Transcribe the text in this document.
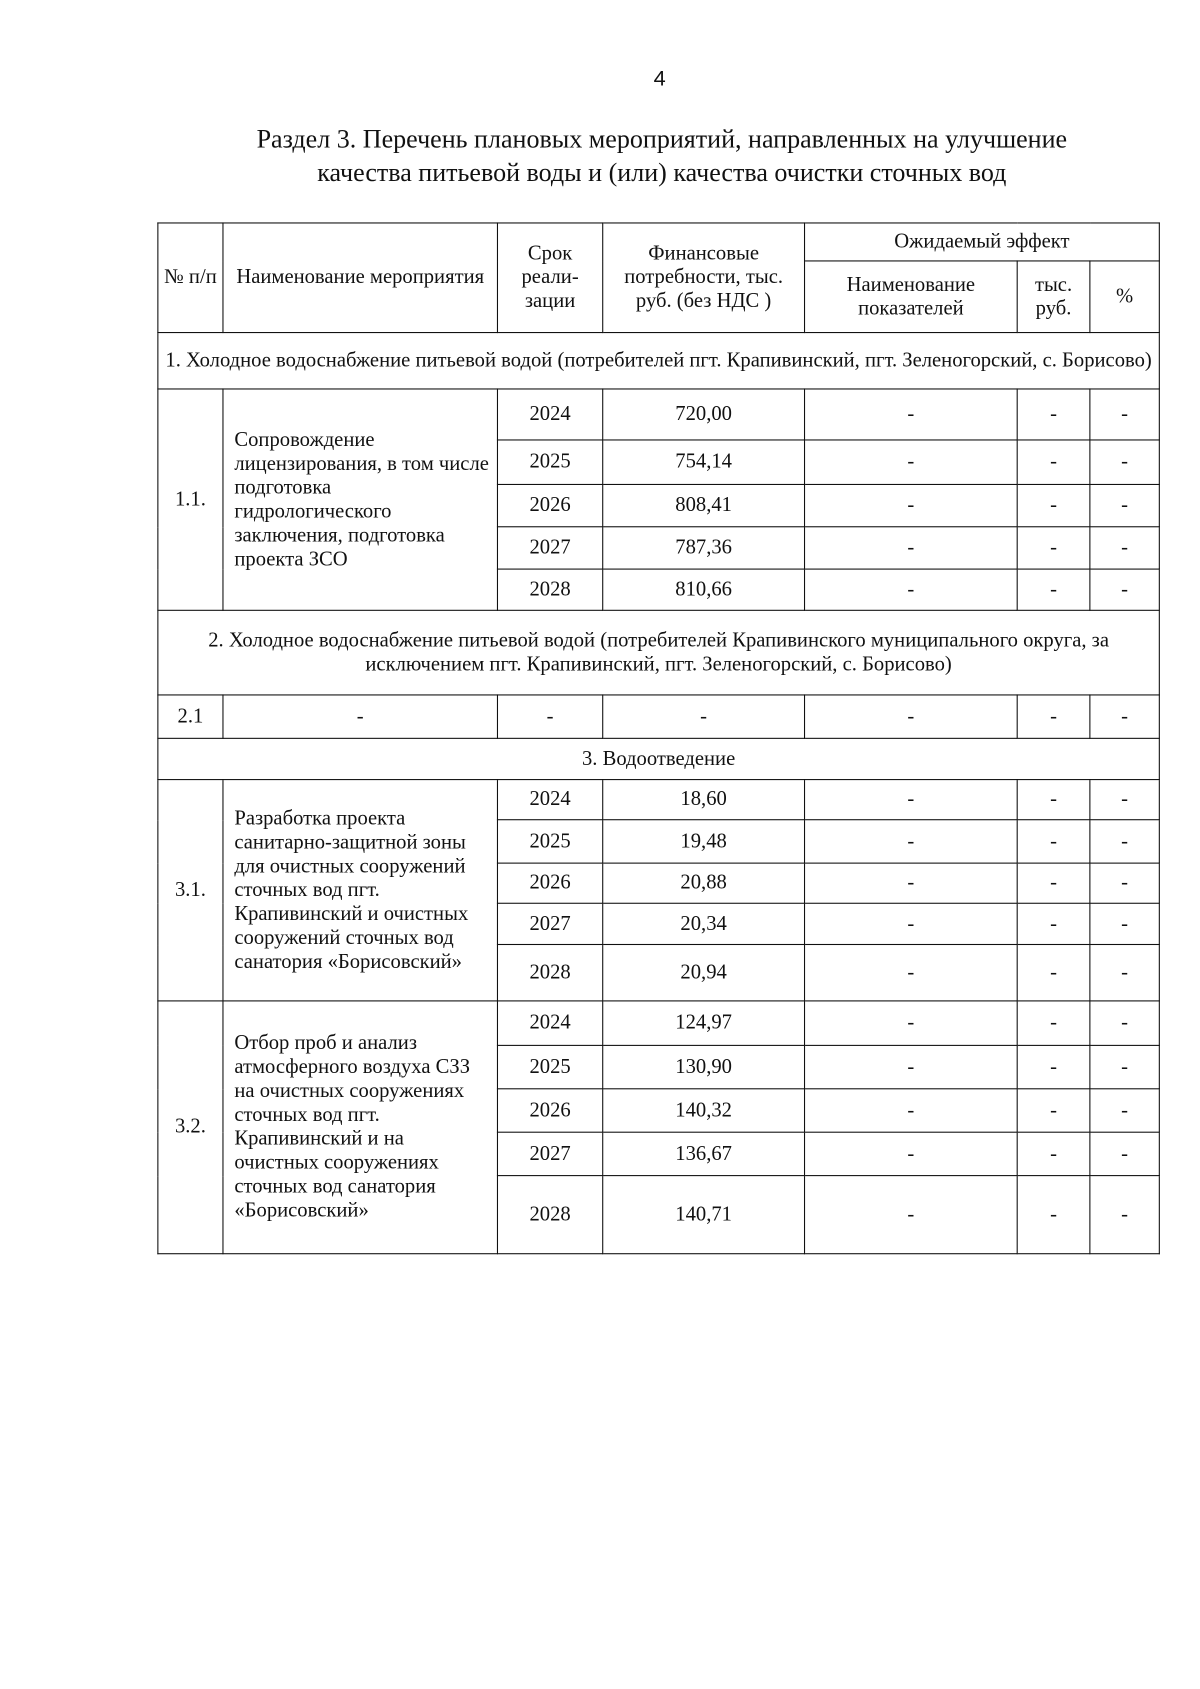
4
Раздел 3. Перечень плановых мероприятий, направленных на улучшение
качества питьевой воды и (или) качества очистки сточных вод
№ п/п	Наименование мероприятия	Срок реали-зации	Финансовые потребности, тыс. руб. (без НДС )	Ожидаемый эффект		
				Наименование показателей	тыс. руб.	%
1. Холодное водоснабжение питьевой водой (потребителей пгт. Крапивинский, пгт. Зеленогорский, с. Борисово)						
1.1.	Сопровождение лицензирования, в том числе подготовка гидрологического заключения, подготовка проекта ЗСО	2024	720,00	-	-	-
		2025	754,14	-	-	-
		2026	808,41	-	-	-
		2027	787,36	-	-	-
		2028	810,66	-	-	-
2. Холодное водоснабжение питьевой водой (потребителей Крапивинского муниципального округа, за исключением пгт. Крапивинский, пгт. Зеленогорский, с. Борисово)						
2.1	-	-	-	-	-	-
3. Водоотведение						
3.1.	Разработка проекта санитарно-защитной зоны для очистных сооружений сточных вод пгт. Крапивинский и очистных сооружений сточных вод санатория «Борисовский»	2024	18,60	-	-	-
		2025	19,48	-	-	-
		2026	20,88	-	-	-
		2027	20,34	-	-	-
		2028	20,94	-	-	-
3.2.	Отбор проб и анализ атмосферного воздуха СЗЗ на очистных сооружениях сточных вод пгт. Крапивинский и на очистных сооружениях сточных вод санатория «Борисовский»	2024	124,97	-	-	-
		2025	130,90	-	-	-
		2026	140,32	-	-	-
		2027	136,67	-	-	-
		2028	140,71	-	-	-
